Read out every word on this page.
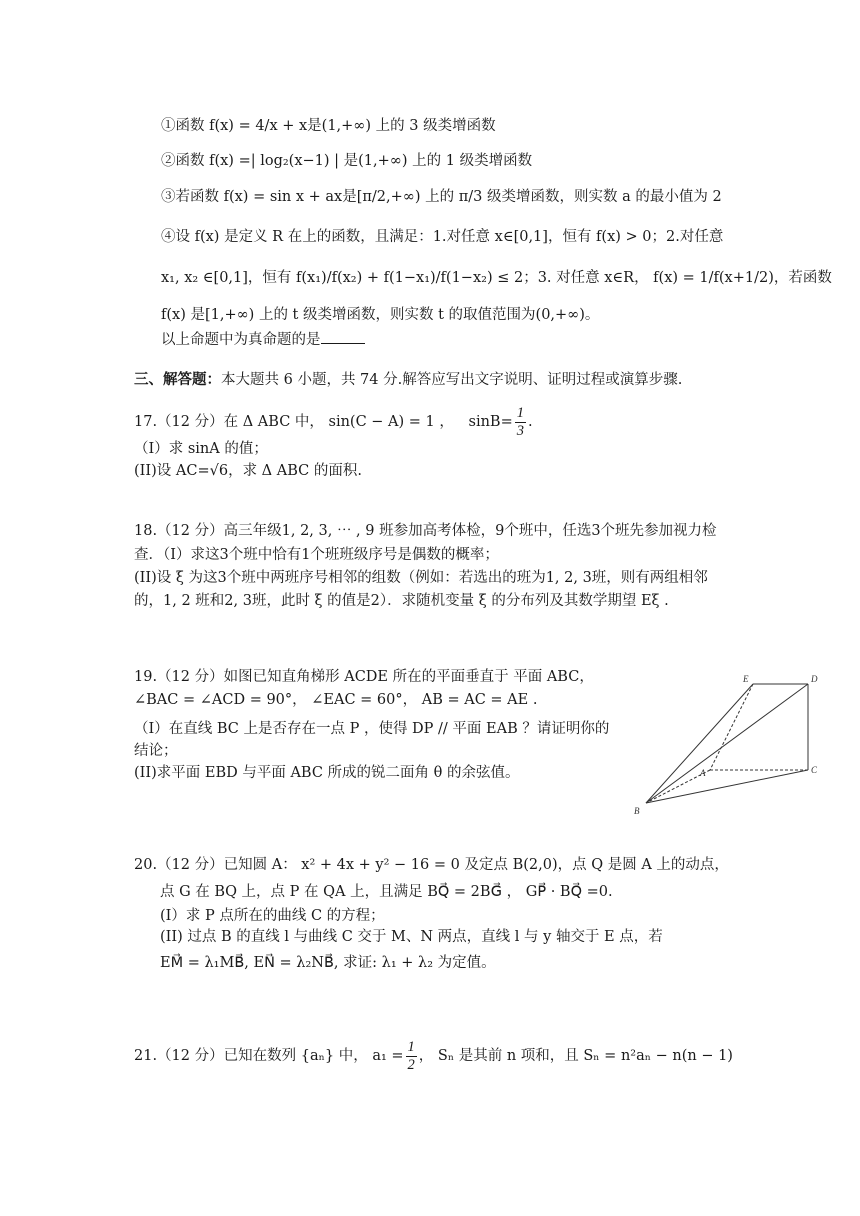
①函数 f(x) = 4/x + x是(1,+∞) 上的 3 级类增函数
②函数 f(x) =| log₂(x−1) | 是(1,+∞) 上的 1 级类增函数
③若函数 f(x) = sin x + ax是[π/2,+∞) 上的 π/3 级类增函数，则实数 a 的最小值为 2
④设 f(x) 是定义 R 在上的函数，且满足：1.对任意 x∈[0,1]，恒有 f(x) > 0；2.对任意
x₁, x₂ ∈[0,1]，恒有 f(x₁)/f(x₂) + f(1−x₁)/f(1−x₂) ≤ 2；3. 对任意 x∈R， f(x) = 1/f(x+1/2)，若函数
f(x) 是[1,+∞) 上的 t 级类增函数，则实数 t 的取值范围为(0,+∞)。
以上命题中为真命题的是
三、解答题：本大题共 6 小题，共 74 分.解答应写出文字说明、证明过程或演算步骤.
17.（12 分）在 Δ ABC 中， sin(C − A) = 1 ， $\sin B= \frac{1}{3}$ .
（I）求 sinA 的值；
(II)设 AC=√6，求 Δ ABC 的面积.
18.（12 分）高三年级1, 2, 3, ⋯ , 9 班参加高考体检，9个班中，任选3个班先参加视力检
查．（I）求这3个班中恰有1个班班级序号是偶数的概率；
(II)设 ξ 为这3个班中两班序号相邻的组数（例如：若选出的班为1, 2, 3班，则有两组相邻
的，1, 2 班和2, 3班，此时 ξ 的值是2）．求随机变量 ξ 的分布列及其数学期望 Eξ .
19.（12 分）如图已知直角梯形 ACDE 所在的平面垂直于 平面 ABC，
∠BAC = ∠ACD = 90°， ∠EAC = 60°， AB = AC = AE .
（I）在直线 BC 上是否存在一点 P ，使得 DP // 平面 EAB ？请证明你的
结论；
(II)求平面 EBD 与平面 ABC 所成的锐二面角 θ 的余弦值。
E	D
A	C
B
20.（12 分）已知圆 A： x² + 4x + y² − 16 = 0 及定点 B(2,0)，点 Q 是圆 A 上的动点，
点 G 在 BQ 上，点 P 在 QA 上，且满足 BQ⃗ = 2BG⃗ ， GP⃗ · BQ⃗ =0.
(I）求 P 点所在的曲线 C 的方程；
(II) 过点 B 的直线 l 与曲线 C 交于 M、N 两点，直线 l 与 y 轴交于 E 点，若
EM⃗ = λ₁MB⃗, EN⃗ = λ₂NB⃗, 求证: λ₁ + λ₂ 为定值。
21.（12 分）已知在数列 {aₙ} 中， $a_1 = \frac{1}{2}$ ， Sₙ 是其前 n 项和，且 Sₙ = n²aₙ − n(n − 1)
